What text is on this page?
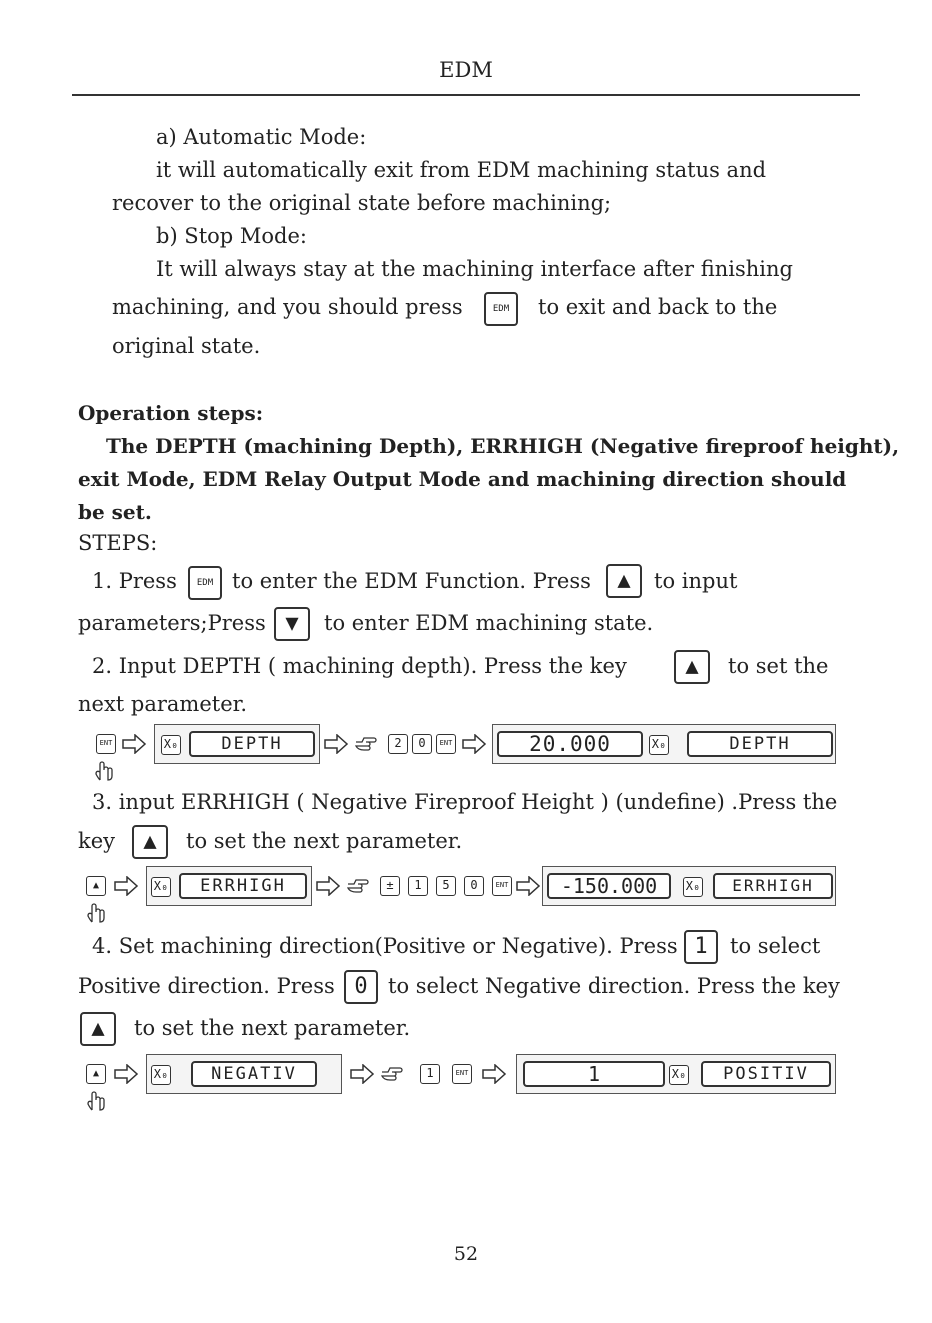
EDM
a) Automatic Mode:
it will automatically exit from EDM machining status and
recover to the original state before machining;
b) Stop Mode:
It will always stay at the machining interface after finishing
machining, and you should press	EDM	to exit and back to the
original state.
Operation steps:
The DEPTH (machining Depth), ERRHIGH (Negative fireproof height),
exit Mode, EDM Relay Output Mode and machining direction should
be set.
STEPS:
1. Press	EDM to enter the EDM Function. Press	▲	to input
parameters;Press ▼	to enter EDM machining state.
2. Input DEPTH ( machining depth). Press the key	▲	to set the
next parameter.
ENT	X₀	DEPTH	2	0	ENT	20.000	X₀	DEPTH
3. input ERRHIGH ( Negative Fireproof Height ) (undefine) .Press the
key	▲	to set the next parameter.
▲	X₀	ERRHIGH	±	1	5	0	ENT	-150.000	X₀	ERRHIGH
4. Set machining direction(Positive or Negative). Press 1	to select
Positive direction. Press 0 to select Negative direction. Press the key
▲	to set the next parameter.
▲	X₀	NEGATIV	1	ENT	1	X₀	POSITIV
52
